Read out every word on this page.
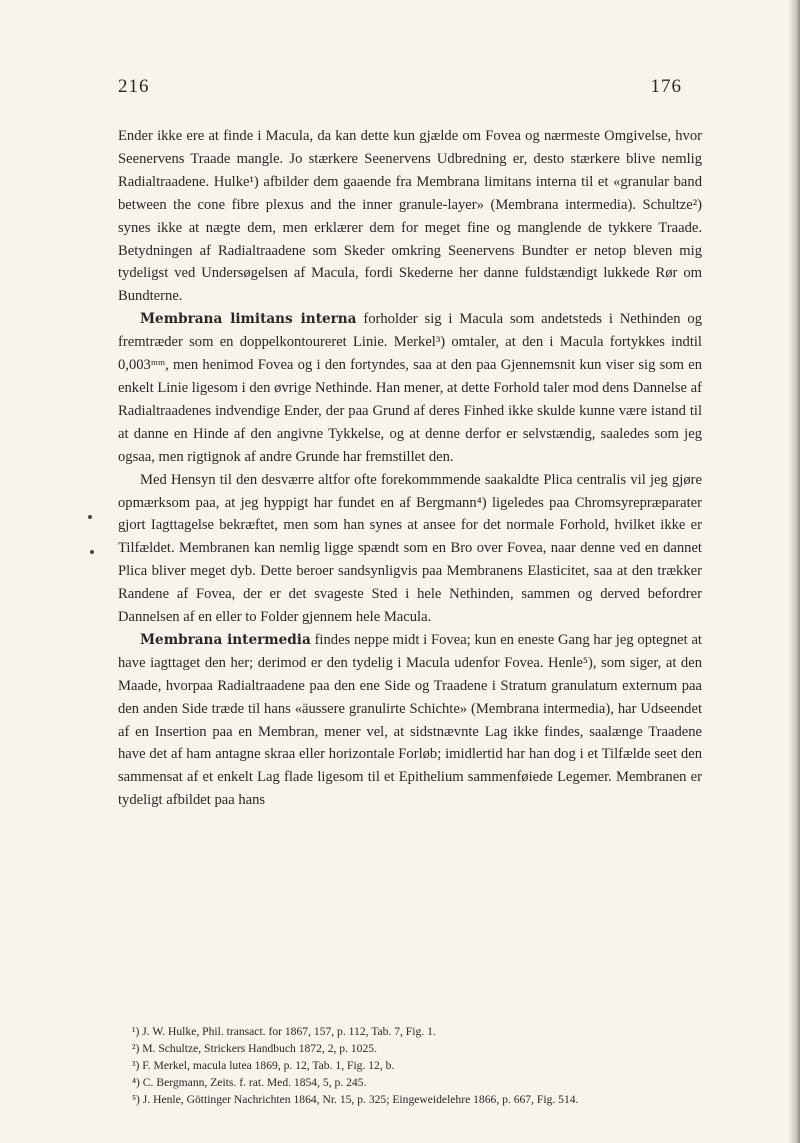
216	176

Ender ikke ere at finde i Macula, da kan dette kun gjælde om Fovea og nærmeste Omgivelse, hvor Seenervens Traade mangle. Jo stærkere Seenervens Udbredning er, desto stærkere blive nemlig Radialtraadene. Hulke¹) afbilder dem gaaende fra Membrana limitans interna til et «granular band between the cone fibre plexus and the inner granule-layer» (Membrana intermedia). Schultze²) synes ikke at nægte dem, men erklærer dem for meget fine og manglende de tykkere Traade. Betydningen af Radialtraadene som Skeder omkring Seenervens Bundter er netop bleven mig tydeligst ved Undersøgelsen af Macula, fordi Skederne her danne fuldstændigt lukkede Rør om Bundterne.

Membrana limitans interna forholder sig i Macula som andetsteds i Nethinden og fremtræder som en doppelkontoureret Linie. Merkel³) omtaler, at den i Macula fortykkes indtil 0,003ᵐᵐ, men henimod Fovea og i den fortyndes, saa at den paa Gjennemsnit kun viser sig som en enkelt Linie ligesom i den øvrige Nethinde. Han mener, at dette Forhold taler mod dens Dannelse af Radialtraadenes indvendige Ender, der paa Grund af deres Finhed ikke skulde kunne være istand til at danne en Hinde af den angivne Tykkelse, og at denne derfor er selvstændig, saaledes som jeg ogsaa, men rigtignok af andre Grunde har fremstillet den.

Med Hensyn til den desværre altfor ofte forekommmende saakaldte Plica centralis vil jeg gjøre opmærksom paa, at jeg hyppigt har fundet en af Bergmann⁴) ligeledes paa Chromsyrepræparater gjort Iagttagelse bekræftet, men som han synes at ansee for det normale Forhold, hvilket ikke er Tilfældet. Membranen kan nemlig ligge spændt som en Bro over Fovea, naar denne ved en dannet Plica bliver meget dyb. Dette beroer sandsynligvis paa Membranens Elasticitet, saa at den trækker Randene af Fovea, der er det svageste Sted i hele Nethinden, sammen og derved befordrer Dannelsen af en eller to Folder gjennem hele Macula.

Membrana intermedia findes neppe midt i Fovea; kun en eneste Gang har jeg optegnet at have iagttaget den her; derimod er den tydelig i Macula udenfor Fovea. Henle⁵), som siger, at den Maade, hvorpaa Radialtraadene paa den ene Side og Traadene i Stratum granulatum externum paa den anden Side træde til hans «äussere granulirte Schichte» (Membrana intermedia), har Udseendet af en Insertion paa en Membran, mener vel, at sidstnævnte Lag ikke findes, saalænge Traadene have det af ham antagne skraa eller horizontale Forløb; imidlertid har han dog i et Tilfælde seet den sammensat af et enkelt Lag flade ligesom til et Epithelium sammenføiede Legemer. Membranen er tydeligt afbildet paa hans

¹) J. W. Hulke, Phil. transact. for 1867, 157, p. 112, Tab. 7, Fig. 1.
²) M. Schultze, Strickers Handbuch 1872, 2, p. 1025.
³) F. Merkel, macula lutea 1869, p. 12, Tab. 1, Fig. 12, b.
⁴) C. Bergmann, Zeits. f. rat. Med. 1854, 5, p. 245.
⁵) J. Henle, Göttinger Nachrichten 1864, Nr. 15, p. 325; Eingeweidelehre 1866, p. 667, Fig. 514.
